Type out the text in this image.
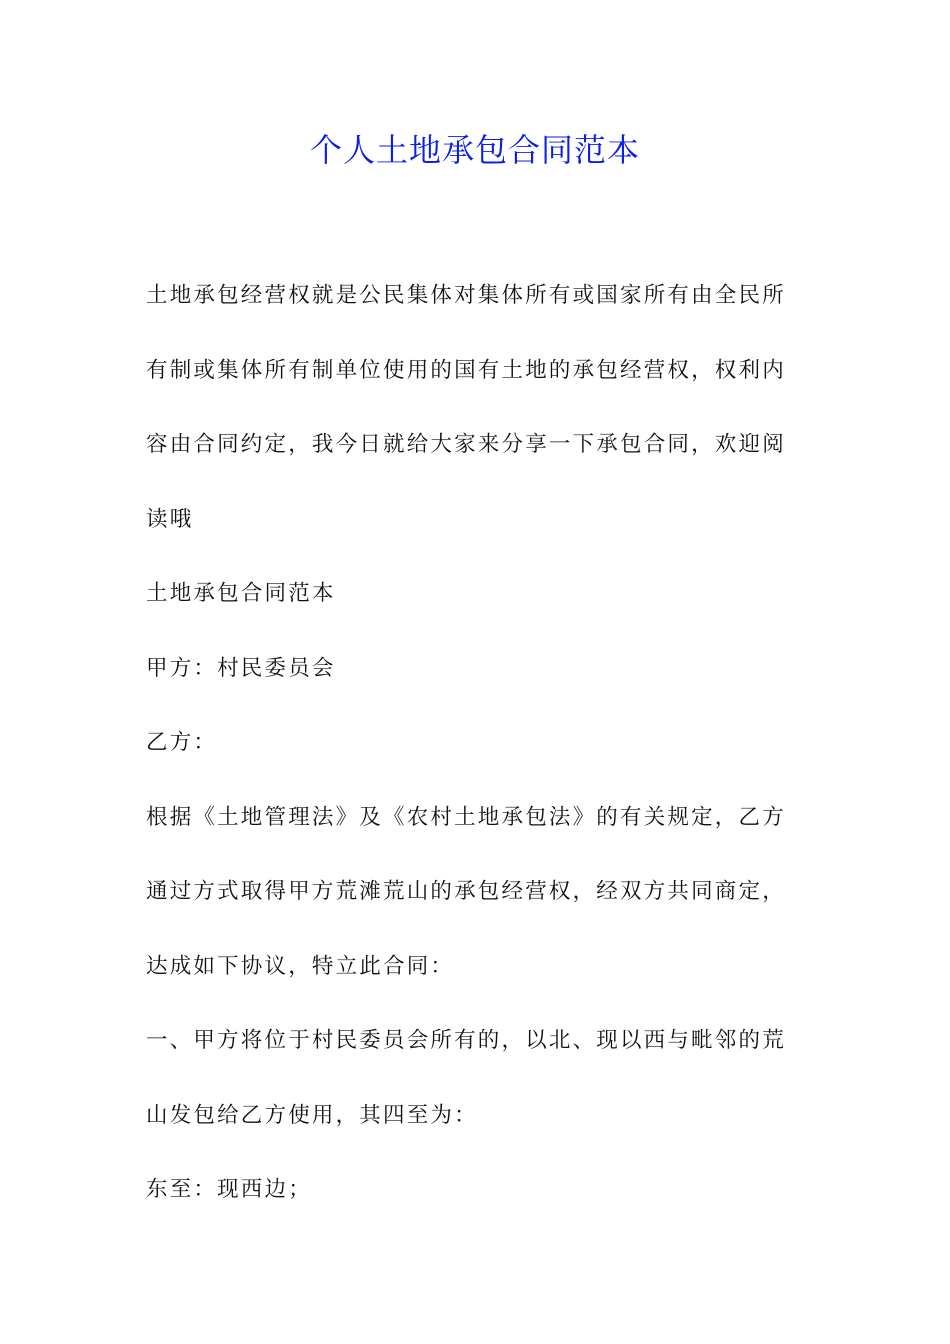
个人土地承包合同范本
土地承包经营权就是公民集体对集体所有或国家所有由全民所
有制或集体所有制单位使用的国有土地的承包经营权，权利内
容由合同约定，我今日就给大家来分享一下承包合同，欢迎阅
读哦
土地承包合同范本
甲方：村民委员会
乙方：
根据《土地管理法》及《农村土地承包法》的有关规定，乙方
通过方式取得甲方荒滩荒山的承包经营权，经双方共同商定，
达成如下协议，特立此合同：
一、甲方将位于村民委员会所有的，以北、现以西与毗邻的荒
山发包给乙方使用，其四至为：
东至：现西边；
